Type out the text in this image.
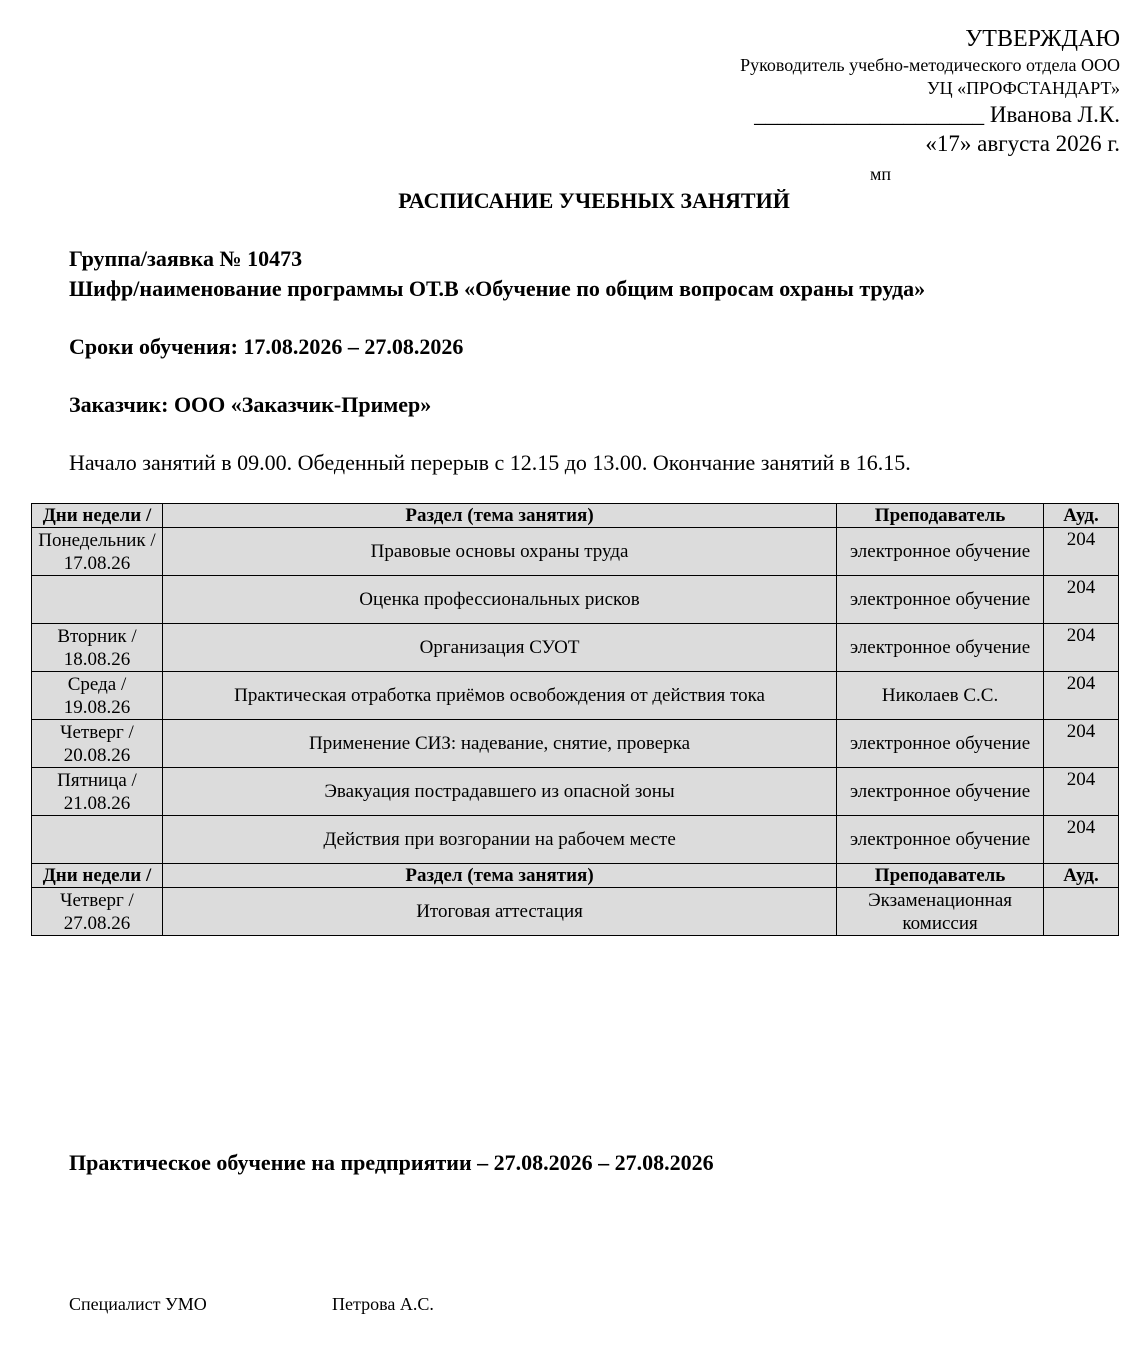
УТВЕРЖДАЮ
Руководитель учебно-методического отдела ООО
УЦ «ПРОФСТАНДАРТ»
____________________ Иванова Л.К.
«17» августа 2026 г.
мп
РАСПИСАНИЕ УЧЕБНЫХ ЗАНЯТИЙ
Группа/заявка № 10473
Шифр/наименование программы ОТ.В «Обучение по общим вопросам охраны труда»
Сроки обучения: 17.08.2026 – 27.08.2026
Заказчик: ООО «Заказчик-Пример»
Начало занятий в 09.00. Обеденный перерыв с 12.15 до 13.00. Окончание занятий в 16.15.
Дни недели /	Раздел (тема занятия)	Преподаватель	Ауд.
Понедельник / 17.08.26	Правовые основы охраны труда	электронное обучение	204
	Оценка профессиональных рисков	электронное обучение	204
Вторник / 18.08.26	Организация СУОТ	электронное обучение	204
Среда / 19.08.26	Практическая отработка приёмов освобождения от действия тока	Николаев С.С.	204
Четверг / 20.08.26	Применение СИЗ: надевание, снятие, проверка	электронное обучение	204
Пятница / 21.08.26	Эвакуация пострадавшего из опасной зоны	электронное обучение	204
	Действия при возгорании на рабочем месте	электронное обучение	204
Дни недели /	Раздел (тема занятия)	Преподаватель	Ауд.
Четверг / 27.08.26	Итоговая аттестация	Экзаменационная комиссия	
Практическое обучение на предприятии – 27.08.2026 – 27.08.2026
Специалист УМО	Петрова А.С.
